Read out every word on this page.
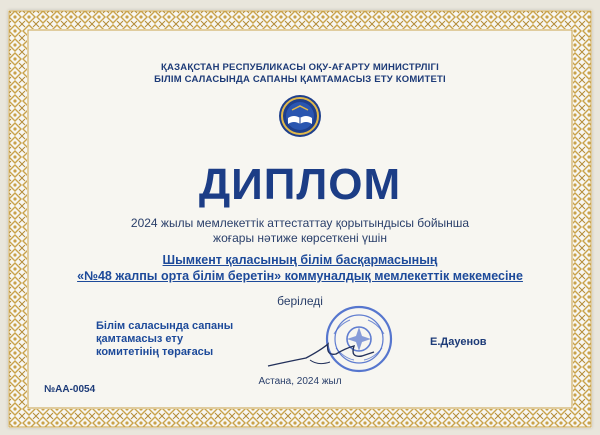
ҚАЗАҚСТАН РЕСПУБЛИКАСЫ ОҚУ-АҒАРТУ МИНИСТРЛІГІ
БІЛІМ САЛАСЫНДА САПАНЫ ҚАМТАМАСЫЗ ЕТУ КОМИТЕТІ
ДИПЛОМ
2024 жылы мемлекеттік аттестаттау қорытындысы бойынша
жоғары нәтиже көрсеткені үшін
Шымкент қаласының білім басқармасының
«№48 жалпы орта білім беретін» коммуналдық мемлекеттік мекемесіне
беріледі
Білім саласында сапаны
қамтамасыз ету
комитетінің төрағасы
Е.Дауенов
Астана, 2024 жыл
№АА-0054
